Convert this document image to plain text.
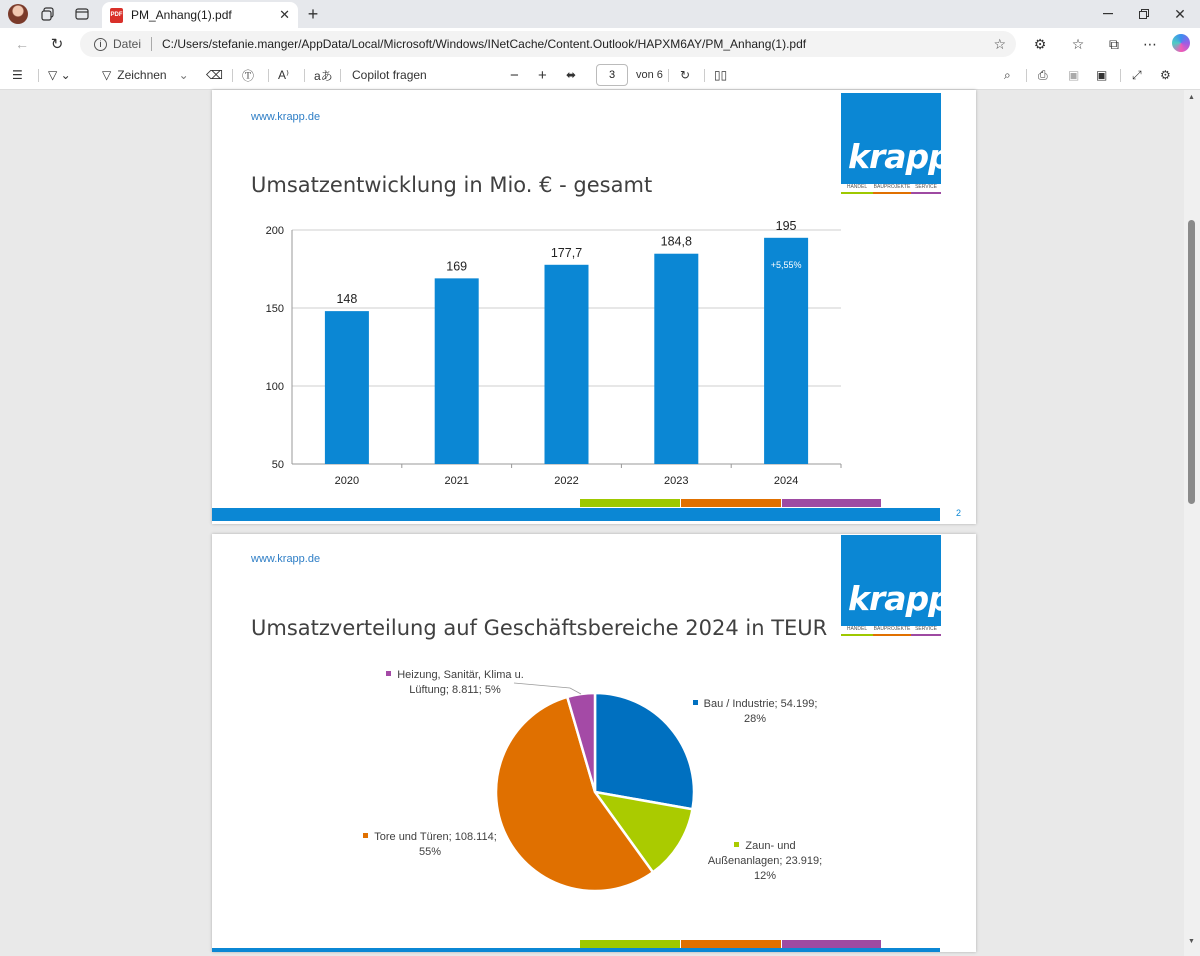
PDF PM_Anhang(1).pdf	✕ +	✕
← ↻	i Datei C:/Users/stefanie.manger/AppData/Local/Microsoft/Windows/INetCache/Content.Outlook/HAPXM6AY/PM_Anhang(1).pdf	☆ ⚙ ☆ ⧉ ⋯
☰ ▽ ⌄	▽ Zeichnen ⌄ ⌫ Ⓣ A⁾ aあ Copilot fragen	− + ⬌	3	von 6 ↻ ▯▯	⌕ ⎙ ▣ ▣ ⤢ ⚙
▲
▼
www.krapp.de
krapp
HANDEL	BAUPROJEKTE SERVICE
Umsatzentwicklung in Mio. € - gesamt
50
100
150
200
148
2020
169
2021
177,7
2022
184,8
2023
195
2024
+5,55%
2
www.krapp.de
krapp
HANDEL	BAUPROJEKTE SERVICE
Umsatzverteilung auf Geschäftsbereiche 2024 in TEUR
Heizung, Sanitär, Klima u.
Lüftung; 8.811; 5%
Bau / Industrie; 54.199;
28%
Zaun- und
Außenanlagen; 23.919;
12%
Tore und Türen; 108.114;
55%
